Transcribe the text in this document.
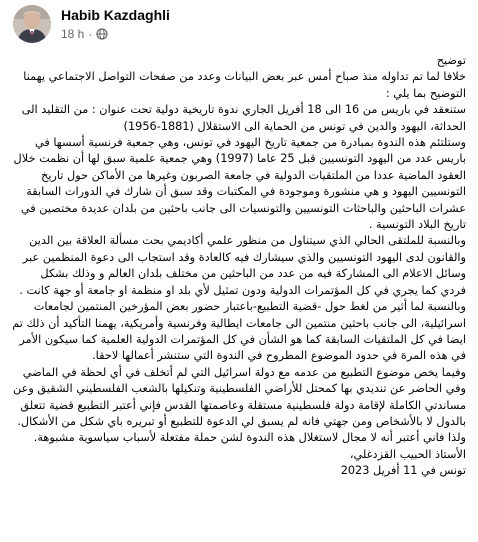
Habib Kazdaghli
18 h ·

توضيح

خلافا لما تم تداوله منذ صباح أمس عبر بعض البيانات وعدد من صفحات التواصل الاجتماعي يهمنا التوضيح بما يلي :

ستنعقد في باريس من 16 الى 18 أفريل الجاري ندوة تاريخية دولية تحت عنوان : من التقليد الى الحداثة، اليهود والدين في تونس من الحماية الى الاستقلال (1881-1956)

وستلتئم هذه الندوة بمبادرة من جمعية تاريخ اليهود في تونس، وهي جمعية فرنسية أسسها في باريس عدد من اليهود التونسيين قبل 25 عاما (1997) وهي جمعية علمية سبق لها أن نظمت خلال العقود الماضية عددا من الملتقيات الدولية في جامعة الصربون وغيرها من الأماكن حول تاريخ التونسيين اليهود و هي منشورة وموجودة في المكتبات وقد سبق أن شارك في الدورات السابقة عشرات الباحثين والباحثات التونسيين والتونسيات الى جانب باحثين من بلدان عديدة مختصين في تاريخ البلاد التونسية .

وبالنسبة للملتقى الحالي الذي سيتناول من منظور علمي أكاديمي بحت مسألة العلاقة بين الدين والقانون لدى اليهود التونسيين والذي سيشارك فيه كالعادة وقد استجاب الى دعوة المنظمين عبر وسائل الاعلام الى المشاركة فيه من عدد من الباحثين من مختلف بلدان العالم و وذلك بشكل فردي كما يجري في كل المؤتمرات الدولية ودون تمثيل لأي بلد او منظمة او جامعة أو جهة كانت .

وبالنسبة لما أثير من لغط حول -قضية التطبيع-باعتبار حضور بعض المؤرخين المنتمين لجامعات اسرائيلية، الى جانب باحثين منتمين الى جامعات ايطالية وفرنسية وأمريكية، يهمنا التأكيد أن ذلك تم ايضا في كل الملتقيات السابقة كما هو الشأن في كل المؤتمرات الدولية العلمية كما سيكون الأمر في هذه المرة في حدود الموضوع المطروح في الندوة التي ستنشر أعمالها لاحقا.

وفيما يخص موضوع التطبيع من عدمه مع دولة اسرائيل التي لم أتخلف في أي لحظة في الماضي وفي الحاضر عن تنديدي بها كمحتل للأراضي الفلسطينية وتنكيلها بالشعب الفلسطيني الشقيق وعن مساندتي الكاملة لإقامة دولة فلسطينية مستقلة وعاصمتها القدس فإني أعتبر التطبيع قضية تتعلق بالدول لا بالأشخاص ومن جهتي فانه لم يسبق لي الدعوة للتطبيع أو تبريره باي شكل من الأشكال.

ولذا فاني أعتبر أنه لا مجال لاستغلال هذه الندوة لشن حملة مفتعلة لأسباب سياسوية مشبوهة.

الأستاذ الحبيب القزدغلي،

تونس في 11 أفريل 2023
